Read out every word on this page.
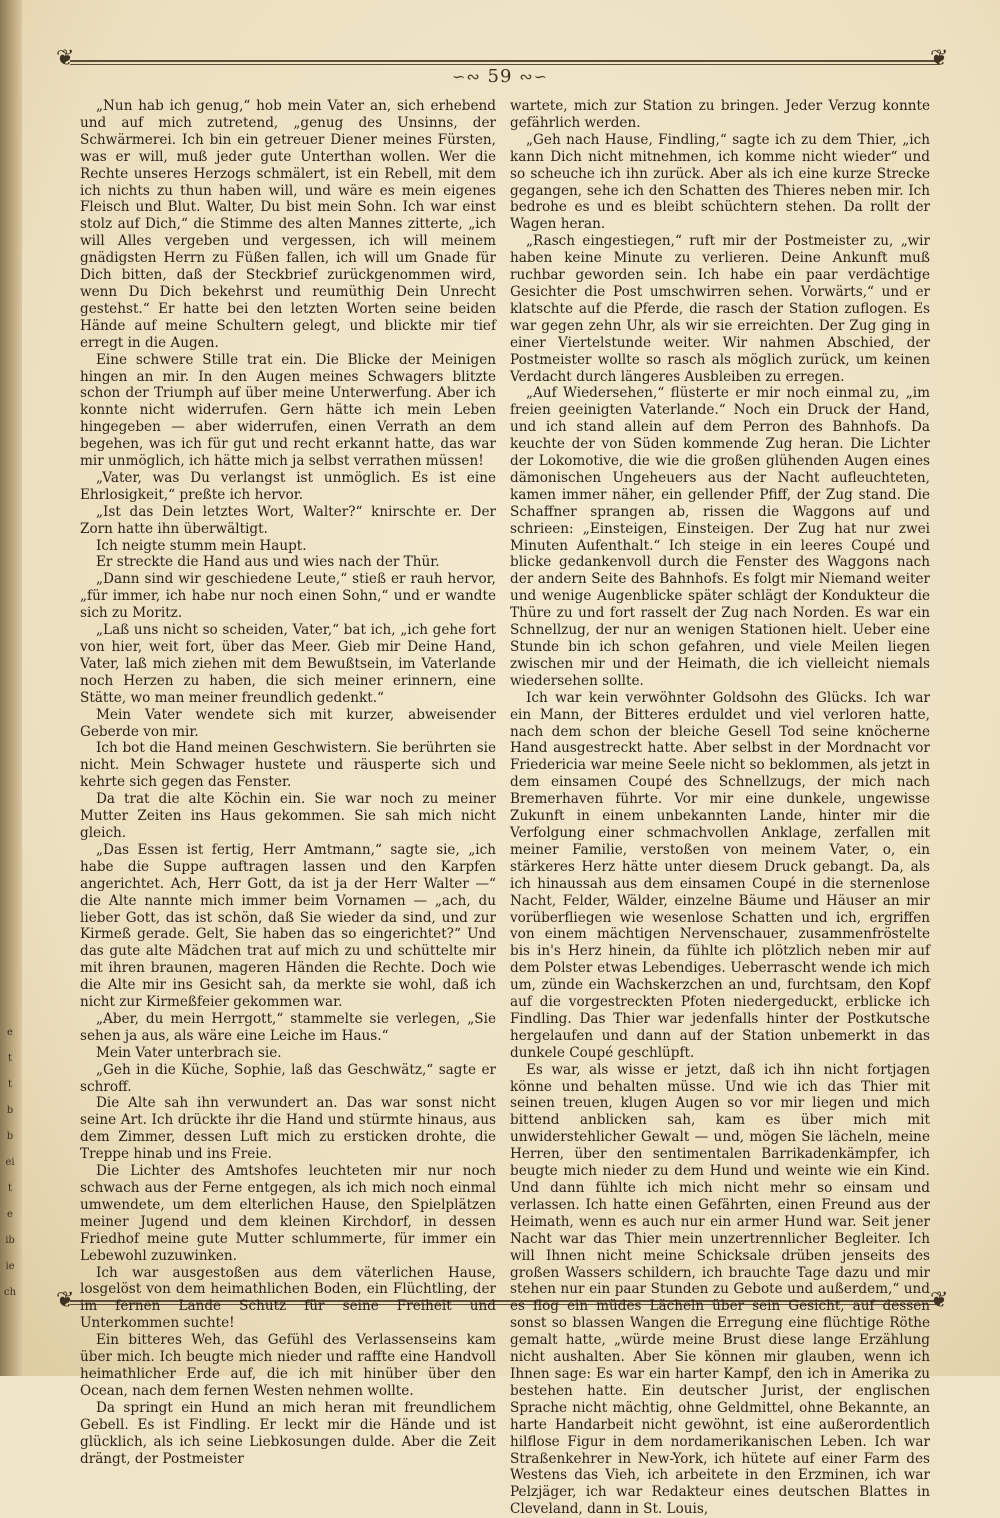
e
t
t
b
b
ei
t
e
ib
ie
ch
❦	❦
❦	❦
∽∾ 59 ∾∽

„Nun hab ich genug,“ hob mein Vater an, sich erhebend und auf mich zutretend, „genug des Unsinns, der Schwärmerei. Ich bin ein getreuer Diener meines Fürsten, was er will, muß jeder gute Unterthan wollen. Wer die Rechte unseres Herzogs schmälert, ist ein Rebell, mit dem ich nichts zu thun haben will, und wäre es mein eigenes Fleisch und Blut. Walter, Du bist mein Sohn. Ich war einst stolz auf Dich,“ die Stimme des alten Mannes zitterte, „ich will Alles vergeben und vergessen, ich will meinem gnädigsten Herrn zu Füßen fallen, ich will um Gnade für Dich bitten, daß der Steckbrief zurückgenommen wird, wenn Du Dich bekehrst und reumüthig Dein Unrecht gestehst.“ Er hatte bei den letzten Worten seine beiden Hände auf meine Schultern gelegt, und blickte mir tief erregt in die Augen.

Eine schwere Stille trat ein. Die Blicke der Meinigen hingen an mir. In den Augen meines Schwagers blitzte schon der Triumph auf über meine Unterwerfung. Aber ich konnte nicht widerrufen. Gern hätte ich mein Leben hingegeben — aber widerrufen, einen Verrath an dem begehen, was ich für gut und recht erkannt hatte, das war mir unmöglich, ich hätte mich ja selbst verrathen müssen!

„Vater, was Du verlangst ist unmöglich. Es ist eine Ehrlosigkeit,“ preßte ich hervor.

„Ist das Dein letztes Wort, Walter?“ knirschte er. Der Zorn hatte ihn überwältigt.

Ich neigte stumm mein Haupt.

Er streckte die Hand aus und wies nach der Thür.

„Dann sind wir geschiedene Leute,“ stieß er rauh hervor, „für immer, ich habe nur noch einen Sohn,“ und er wandte sich zu Moritz.

„Laß uns nicht so scheiden, Vater,“ bat ich, „ich gehe fort von hier, weit fort, über das Meer. Gieb mir Deine Hand, Vater, laß mich ziehen mit dem Bewußtsein, im Vaterlande noch Herzen zu haben, die sich meiner erinnern, eine Stätte, wo man meiner freundlich gedenkt.“

Mein Vater wendete sich mit kurzer, abweisender Geberde von mir.

Ich bot die Hand meinen Geschwistern. Sie berührten sie nicht. Mein Schwager hustete und räusperte sich und kehrte sich gegen das Fenster.

Da trat die alte Köchin ein. Sie war noch zu meiner Mutter Zeiten ins Haus gekommen. Sie sah mich nicht gleich.

„Das Essen ist fertig, Herr Amtmann,“ sagte sie, „ich habe die Suppe auftragen lassen und den Karpfen angerichtet. Ach, Herr Gott, da ist ja der Herr Walter —“ die Alte nannte mich immer beim Vornamen — „ach, du lieber Gott, das ist schön, daß Sie wieder da sind, und zur Kirmeß gerade. Gelt, Sie haben das so eingerichtet?“ Und das gute alte Mädchen trat auf mich zu und schüttelte mir mit ihren braunen, mageren Händen die Rechte. Doch wie die Alte mir ins Gesicht sah, da merkte sie wohl, daß ich nicht zur Kirmeßfeier gekommen war.

„Aber, du mein Herrgott,“ stammelte sie verlegen, „Sie sehen ja aus, als wäre eine Leiche im Haus.“

Mein Vater unterbrach sie.

„Geh in die Küche, Sophie, laß das Geschwätz,“ sagte er schroff.

Die Alte sah ihn verwundert an. Das war sonst nicht seine Art. Ich drückte ihr die Hand und stürmte hinaus, aus dem Zimmer, dessen Luft mich zu ersticken drohte, die Treppe hinab und ins Freie.

Die Lichter des Amtshofes leuchteten mir nur noch schwach aus der Ferne entgegen, als ich mich noch einmal umwendete, um dem elterlichen Hause, den Spielplätzen meiner Jugend und dem kleinen Kirchdorf, in dessen Friedhof meine gute Mutter schlummerte, für immer ein Lebewohl zuzuwinken.

Ich war ausgestoßen aus dem väterlichen Hause, losgelöst von dem heimathlichen Boden, ein Flüchtling, der im fernen Lande Schutz für seine Freiheit und Unterkommen suchte!

Ein bitteres Weh, das Gefühl des Verlassenseins kam über mich. Ich beugte mich nieder und raffte eine Handvoll heimathlicher Erde auf, die ich mit hinüber über den Ocean, nach dem fernen Westen nehmen wollte.

Da springt ein Hund an mich heran mit freundlichem Gebell. Es ist Findling. Er leckt mir die Hände und ist glücklich, als ich seine Liebkosungen dulde. Aber die Zeit drängt, der Postmeister

wartete, mich zur Station zu bringen. Jeder Verzug konnte gefährlich werden.

„Geh nach Hause, Findling,“ sagte ich zu dem Thier, „ich kann Dich nicht mitnehmen, ich komme nicht wieder“ und so scheuche ich ihn zurück. Aber als ich eine kurze Strecke gegangen, sehe ich den Schatten des Thieres neben mir. Ich bedrohe es und es bleibt schüchtern stehen. Da rollt der Wagen heran.

„Rasch eingestiegen,“ ruft mir der Postmeister zu, „wir haben keine Minute zu verlieren. Deine Ankunft muß ruchbar geworden sein. Ich habe ein paar verdächtige Gesichter die Post umschwirren sehen. Vorwärts,“ und er klatschte auf die Pferde, die rasch der Station zuflogen. Es war gegen zehn Uhr, als wir sie erreichten. Der Zug ging in einer Viertelstunde weiter. Wir nahmen Abschied, der Postmeister wollte so rasch als möglich zurück, um keinen Verdacht durch längeres Ausbleiben zu erregen.

„Auf Wiedersehen,“ flüsterte er mir noch einmal zu, „im freien geeinigten Vaterlande.“ Noch ein Druck der Hand, und ich stand allein auf dem Perron des Bahnhofs. Da keuchte der von Süden kommende Zug heran. Die Lichter der Lokomotive, die wie die großen glühenden Augen eines dämonischen Ungeheuers aus der Nacht aufleuchteten, kamen immer näher, ein gellender Pfiff, der Zug stand. Die Schaffner sprangen ab, rissen die Waggons auf und schrieen: „Einsteigen, Einsteigen. Der Zug hat nur zwei Minuten Aufenthalt.“ Ich steige in ein leeres Coupé und blicke gedankenvoll durch die Fenster des Waggons nach der andern Seite des Bahnhofs. Es folgt mir Niemand weiter und wenige Augenblicke später schlägt der Kondukteur die Thüre zu und fort rasselt der Zug nach Norden. Es war ein Schnellzug, der nur an wenigen Stationen hielt. Ueber eine Stunde bin ich schon gefahren, und viele Meilen liegen zwischen mir und der Heimath, die ich vielleicht niemals wiedersehen sollte.

Ich war kein verwöhnter Goldsohn des Glücks. Ich war ein Mann, der Bitteres erduldet und viel verloren hatte, nach dem schon der bleiche Gesell Tod seine knöcherne Hand ausgestreckt hatte. Aber selbst in der Mordnacht vor Friedericia war meine Seele nicht so beklommen, als jetzt in dem einsamen Coupé des Schnellzugs, der mich nach Bremerhaven führte. Vor mir eine dunkele, ungewisse Zukunft in einem unbekannten Lande, hinter mir die Verfolgung einer schmachvollen Anklage, zerfallen mit meiner Familie, verstoßen von meinem Vater, o, ein stärkeres Herz hätte unter diesem Druck gebangt. Da, als ich hinaussah aus dem einsamen Coupé in die sternenlose Nacht, Felder, Wälder, einzelne Bäume und Häuser an mir vorüberfliegen wie wesenlose Schatten und ich, ergriffen von einem mächtigen Nervenschauer, zusammenfröstelte bis in's Herz hinein, da fühlte ich plötzlich neben mir auf dem Polster etwas Lebendiges. Ueberrascht wende ich mich um, zünde ein Wachskerzchen an und, furchtsam, den Kopf auf die vorgestreckten Pfoten niedergeduckt, erblicke ich Findling. Das Thier war jedenfalls hinter der Postkutsche hergelaufen und dann auf der Station unbemerkt in das dunkele Coupé geschlüpft.

Es war, als wisse er jetzt, daß ich ihn nicht fortjagen könne und behalten müsse. Und wie ich das Thier mit seinen treuen, klugen Augen so vor mir liegen und mich bittend anblicken sah, kam es über mich mit unwiderstehlicher Gewalt — und, mögen Sie lächeln, meine Herren, über den sentimentalen Barrikadenkämpfer, ich beugte mich nieder zu dem Hund und weinte wie ein Kind. Und dann fühlte ich mich nicht mehr so einsam und verlassen. Ich hatte einen Gefährten, einen Freund aus der Heimath, wenn es auch nur ein armer Hund war. Seit jener Nacht war das Thier mein unzertrennlicher Begleiter. Ich will Ihnen nicht meine Schicksale drüben jenseits des großen Wassers schildern, ich brauchte Tage dazu und mir stehen nur ein paar Stunden zu Gebote und außerdem,“ und es flog ein müdes Lächeln über sein Gesicht, auf dessen sonst so blassen Wangen die Erregung eine flüchtige Röthe gemalt hatte, „würde meine Brust diese lange Erzählung nicht aushalten. Aber Sie können mir glauben, wenn ich Ihnen sage: Es war ein harter Kampf, den ich in Amerika zu bestehen hatte. Ein deutscher Jurist, der englischen Sprache nicht mächtig, ohne Geldmittel, ohne Bekannte, an harte Handarbeit nicht gewöhnt, ist eine außerordentlich hilflose Figur in dem nordamerikanischen Leben. Ich war Straßenkehrer in New-York, ich hütete auf einer Farm des Westens das Vieh, ich arbeitete in den Erzminen, ich war Pelzjäger, ich war Redakteur eines deutschen Blattes in Cleveland, dann in St. Louis,
